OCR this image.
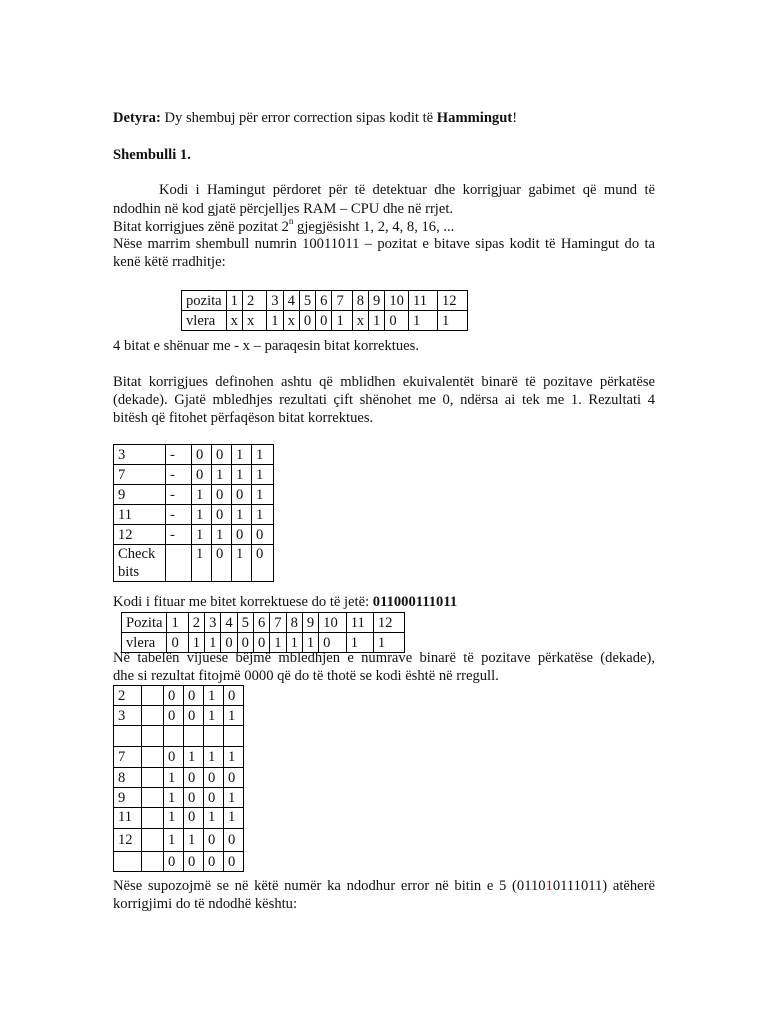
Detyra: Dy shembuj për error correction sipas kodit të Hammingut!
Shembulli 1.
Kodi i Hamingut përdoret për të detektuar dhe korrigjuar gabimet që mund të
ndodhin në kod gjatë përcjelljes RAM – CPU dhe në rrjet.
Bitat korrigjues zënë pozitat 2$^n$ gjegjësisht 1, 2, 4, 8, 16, ...
Nëse marrim shembull numrin 10011011 – pozitat e bitave sipas kodit të Hamingut do ta
kenë këtë rradhitje:
pozita	1	2	3	4	5	6	7	8	9	10	11	12
vlera	x	x	1	x	0	0	1	x	1	0	1	1
4 bitat e shënuar me - x – paraqesin bitat korrektues.
Bitat korrigjues definohen ashtu që mblidhen ekuivalentët binarë të pozitave përkatëse
(dekade). Gjatë mbledhjes rezultati çift shënohet me 0, ndërsa ai tek me 1. Rezultati 4
bitësh që fitohet përfaqëson bitat korrektues.
3	-	0	0	1	1
7	-	0	1	1	1
9	-	1	0	0	1
11	-	1	0	1	1
12	-	1	1	0	0
Check
bits		1	0	1	0
Kodi i fituar me bitet korrektuese do të jetë: 011000111011
Pozita	1	2	3	4	5	6	7	8	9	10	11	12
vlera	0	1	1	0	0	0	1	1	1	0	1	1
Në tabelën vijuese bëjmë mbledhjen e numrave binarë të pozitave përkatëse (dekade),
dhe si rezultat fitojmë 0000 që do të thotë se kodi është në rregull.
2		0	0	1	0
3		0	0	1	1

7		0	1	1	1
8		1	0	0	0
9		1	0	0	1
11		1	0	1	1
12		1	1	0	0
		0	0	0	0
Nëse supozojmë se në këtë numër ka ndodhur error në bitin e 5 (011010111011) atëherë
korrigjimi do të ndodhë kështu:
